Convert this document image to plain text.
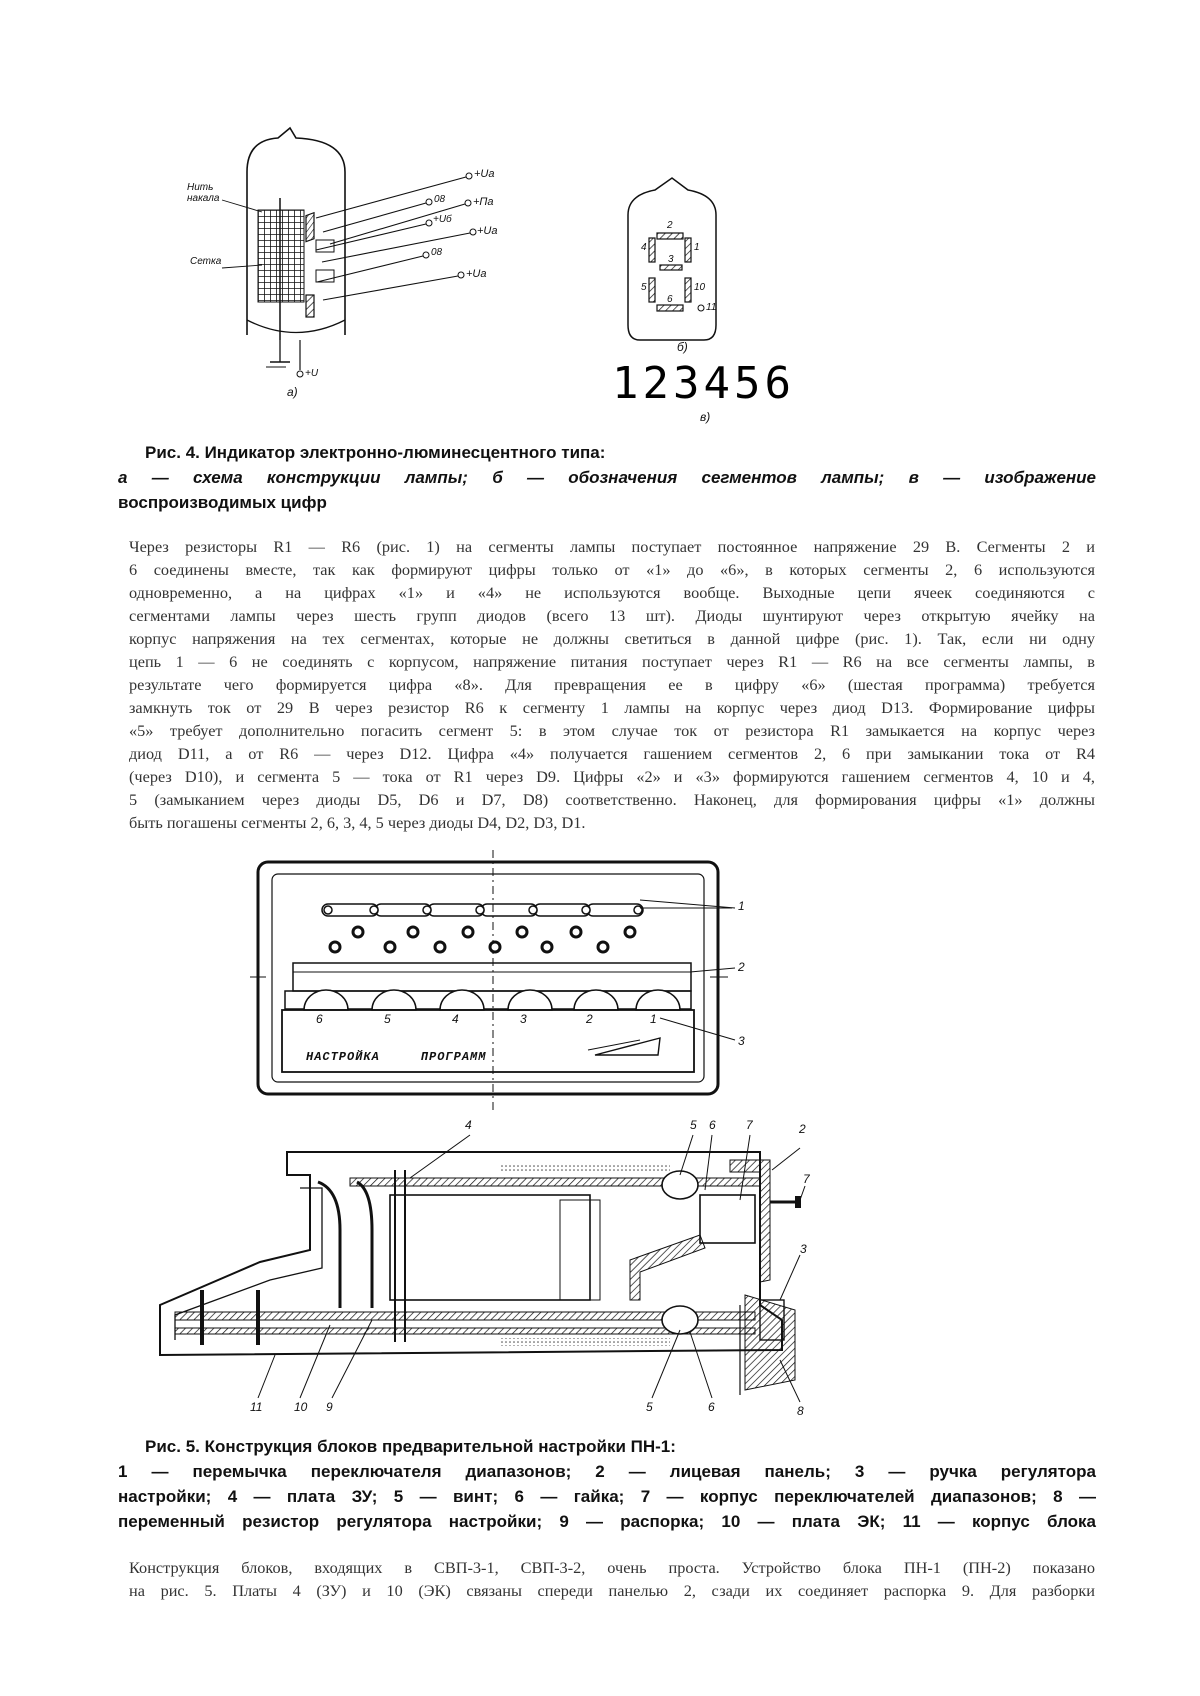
123456
Нить накала
Сетка
+Uа
08	+Пa
+Uб
+Uа
08
+Uа
+U
а)
б)
в)
2
4
3
1
5
6
10
11
Рис. 4. Индикатор электронно-люминесцентного типа:
а — схема конструкции лампы; б — обозначения сегментов лампы; в — изображение
воспроизводимых цифр
Через резисторы R1 — R6 (рис. 1) на сегменты лампы поступает постоянное напряжение 29 В. Сегменты 2 и
6 соединены вместе, так как формируют цифры только от «1» до «6», в которых сегменты 2, 6 используются
одновременно, а на цифрах «1» и «4» не используются вообще. Выходные цепи ячеек соединяются с
сегментами лампы через шесть групп диодов (всего 13 шт). Диоды шунтируют через открытую ячейку на
корпус напряжения на тех сегментах, которые не должны светиться в данной цифре (рис. 1). Так, если ни одну
цепь 1 — 6 не соединять с корпусом, напряжение питания поступает через R1 — R6 на все сегменты лампы, в
результате чего формируется цифра «8». Для превращения ее в цифру «6» (шестая программа) требуется
замкнуть ток от 29 В через резистор R6 к сегменту 1 лампы на корпус через диод D13. Формирование цифры
«5» требует дополнительно погасить сегмент 5: в этом случае ток от резистора R1 замыкается на корпус через
диод D11, а от R6 — через D12. Цифра «4» получается гашением сегментов 2, 6 при замыкании тока от R4
(через D10), и сегмента 5 — тока от R1 через D9. Цифры «2» и «3» формируются гашением сегментов 4, 10 и 4,
5 (замыканием через диоды D5, D6 и D7, D8) соответственно. Наконец, для формирования цифры «1» должны
быть погашены сегменты 2, 6, 3, 4, 5 через диоды D4, D2, D3, D1.
НАСТРОЙКА     ПРОГРАММ
6	5	4	3	2	1
1
2
3
4	5 6	7	2
7
3
11	10 9	5	6	8
Рис. 5. Конструкция блоков предварительной настройки ПН-1:
1 — перемычка переключателя диапазонов; 2 — лицевая панель; 3 — ручка регулятора
настройки; 4 — плата ЗУ; 5 — винт; 6 — гайка; 7 — корпус переключателей диапазонов; 8 —
переменный резистор регулятора настройки; 9 — распорка; 10 — плата ЭК; 11 — корпус блока
Конструкция блоков, входящих в СВП-3-1, СВП-3-2, очень проста. Устройство блока ПН-1 (ПН-2) показано
на рис. 5. Платы 4 (ЗУ) и 10 (ЭК) связаны спереди панелью 2, сзади их соединяет распорка 9. Для разборки
